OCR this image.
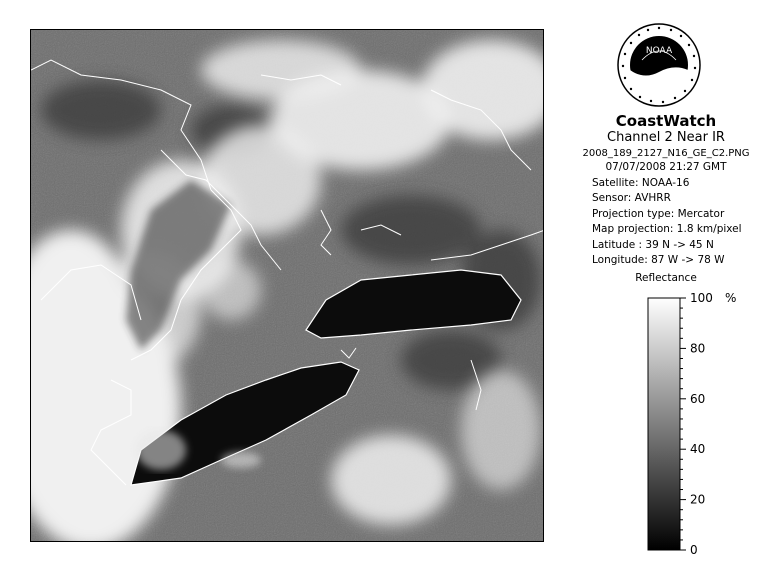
NOAA
CoastWatch
Channel 2 Near IR
2008_189_2127_N16_GE_C2.PNG
07/07/2008 21:27 GMT
Satellite: NOAA-16
Sensor: AVHRR
Projection type: Mercator
Map projection: 1.8 km/pixel
Latitude : 39 N -> 45 N
Longitude: 87 W -> 78 W
Reflectance
100
80
60
40
20
0
%
